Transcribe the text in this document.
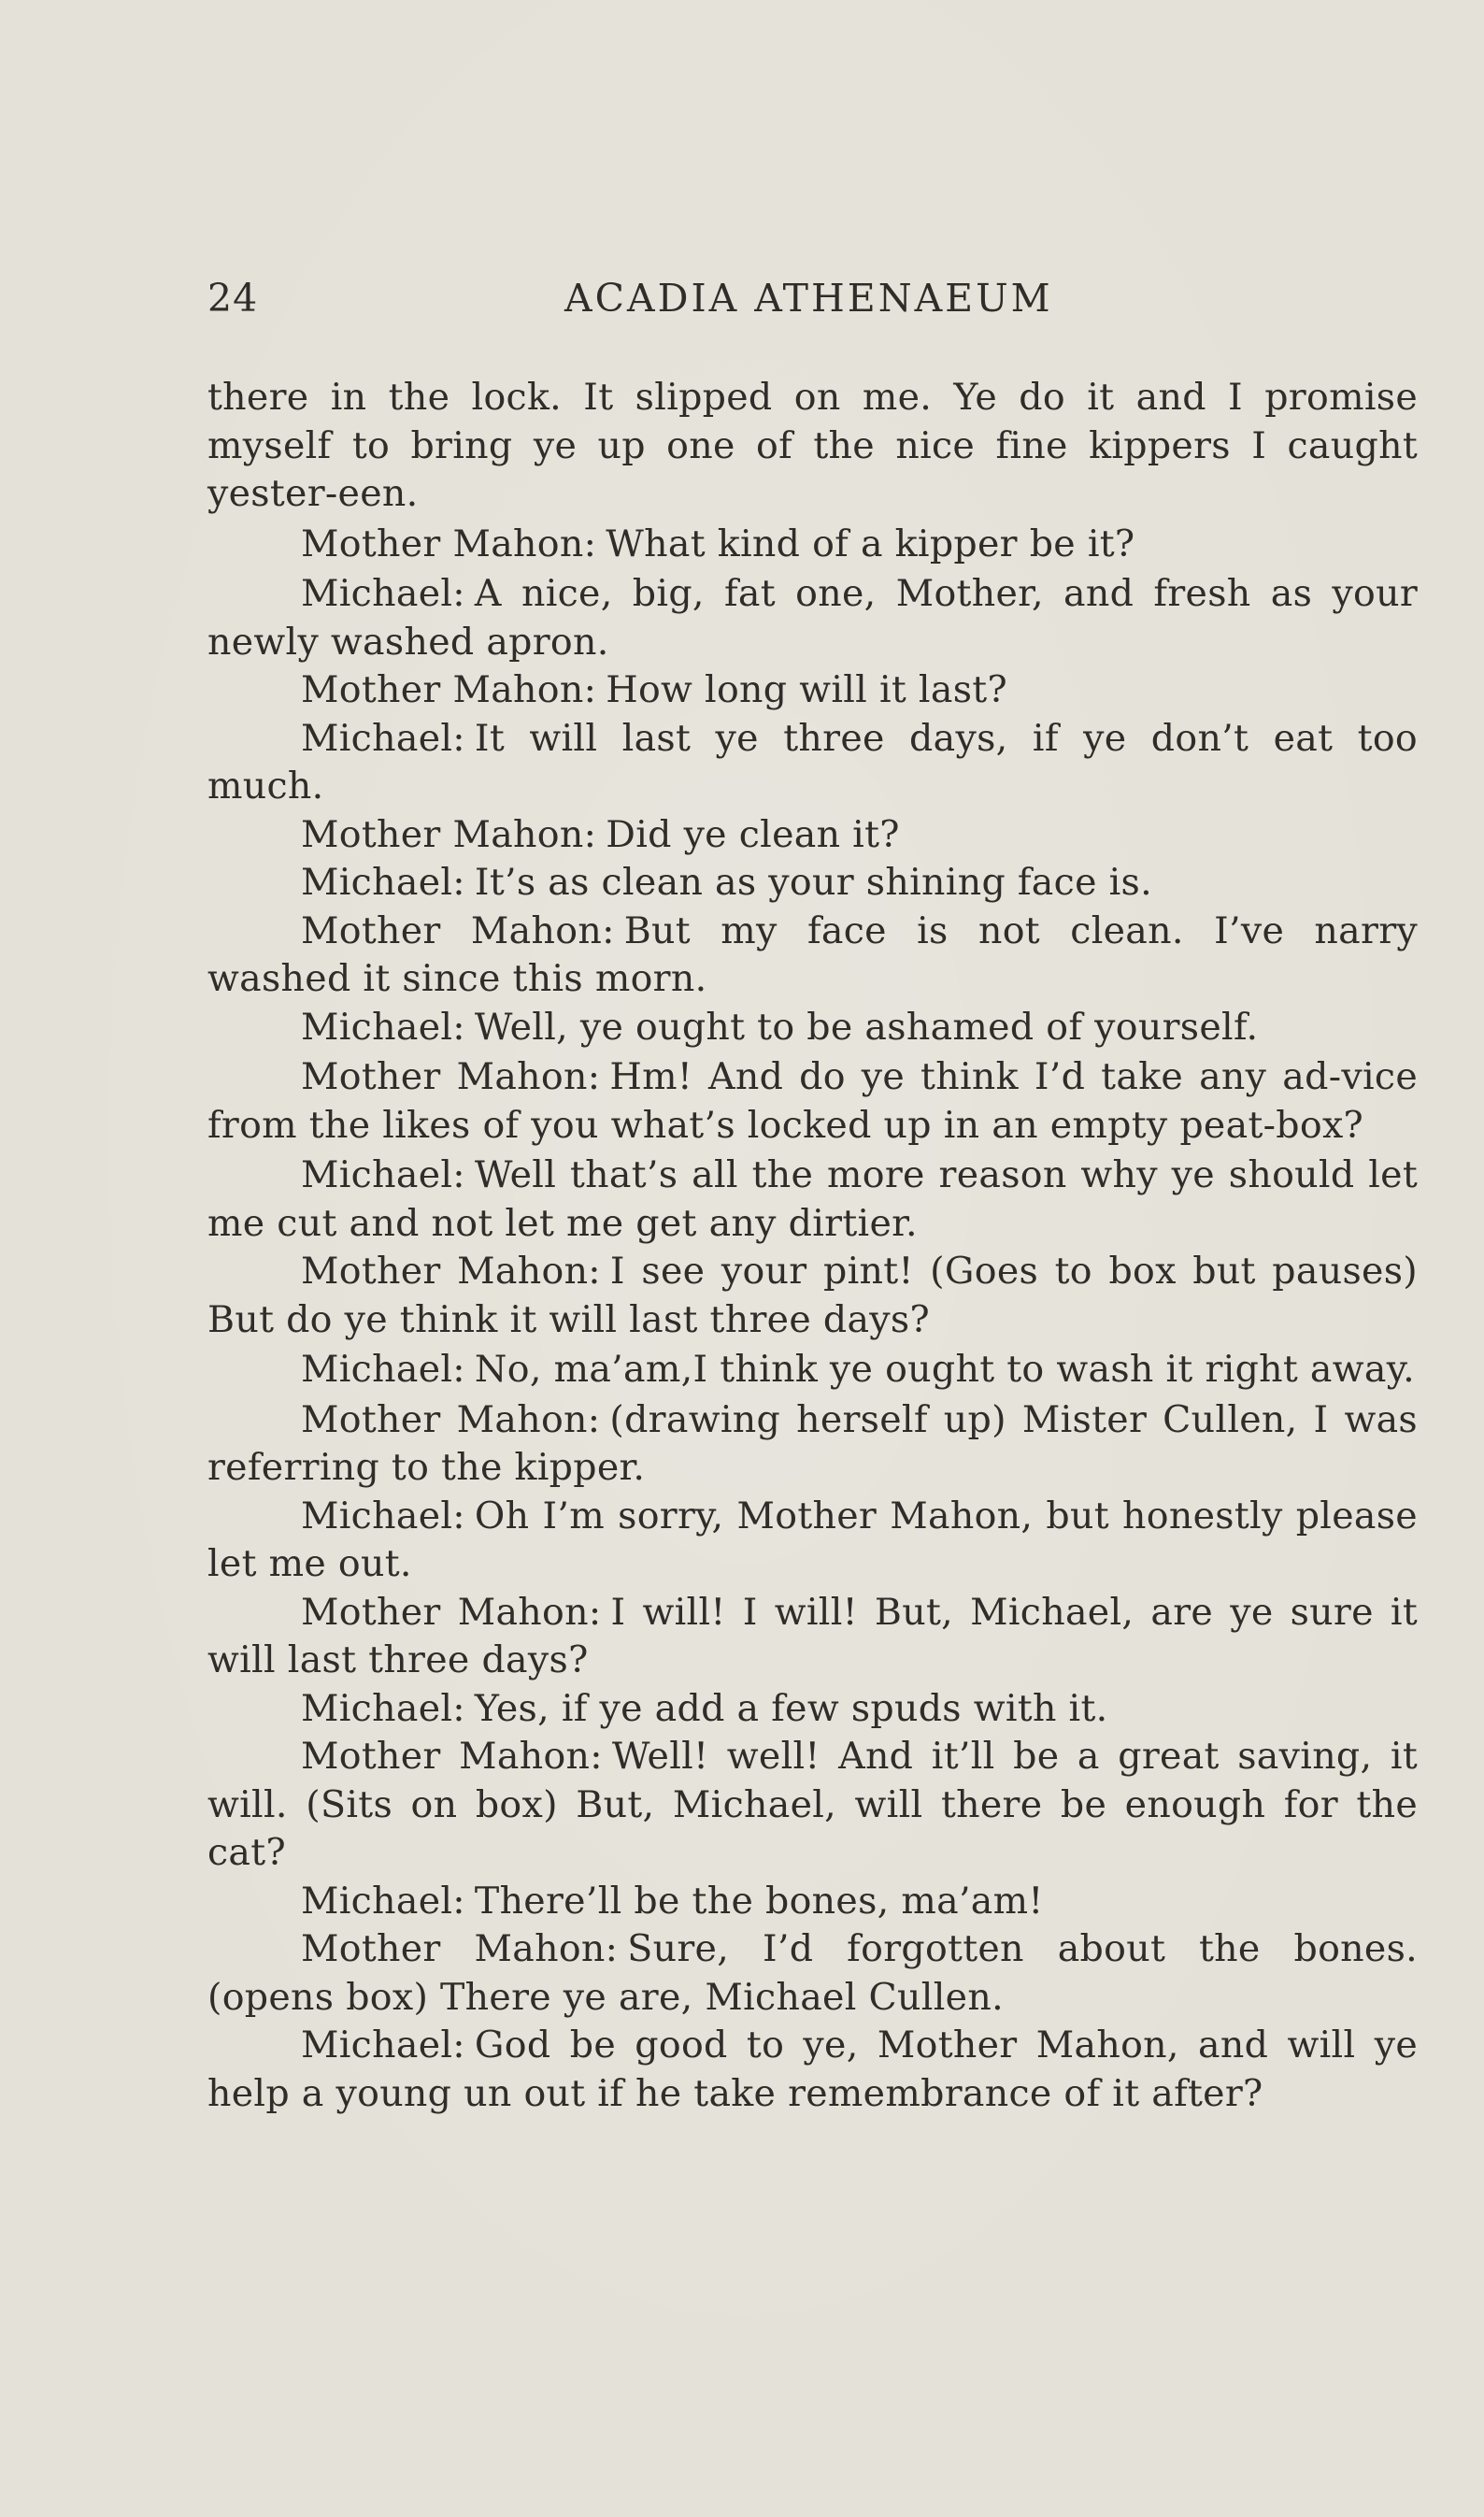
24	ACADIA ATHENAEUM

there in the lock. It slipped on me. Ye do it and I promise myself to bring ye up one of the nice fine kippers I caught yester-een.

Mother Mahon: What kind of a kipper be it?

Michael: A nice, big, fat one, Mother, and fresh as your newly washed apron.

Mother Mahon: How long will it last?

Michael: It will last ye three days, if ye don’t eat too much.

Mother Mahon: Did ye clean it?

Michael: It’s as clean as your shining face is.

Mother Mahon: But my face is not clean. I’ve narry washed it since this morn.

Michael: Well, ye ought to be ashamed of yourself.

Mother Mahon: Hm! And do ye think I’d take any ad-vice from the likes of you what’s locked up in an empty peat-box?

Michael: Well that’s all the more reason why ye should let me cut and not let me get any dirtier.

Mother Mahon: I see your pint! (Goes to box but pauses) But do ye think it will last three days?

Michael: No, ma’am,I think ye ought to wash it right away.

Mother Mahon: (drawing herself up) Mister Cullen, I was referring to the kipper.

Michael: Oh I’m sorry, Mother Mahon, but honestly please let me out.

Mother Mahon: I will! I will! But, Michael, are ye sure it will last three days?

Michael: Yes, if ye add a few spuds with it.

Mother Mahon: Well! well! And it’ll be a great saving, it will. (Sits on box) But, Michael, will there be enough for the cat?

Michael: There’ll be the bones, ma’am!

Mother Mahon: Sure, I’d forgotten about the bones. (opens box) There ye are, Michael Cullen.

Michael: God be good to ye, Mother Mahon, and will ye help a young un out if he take remembrance of it after?
